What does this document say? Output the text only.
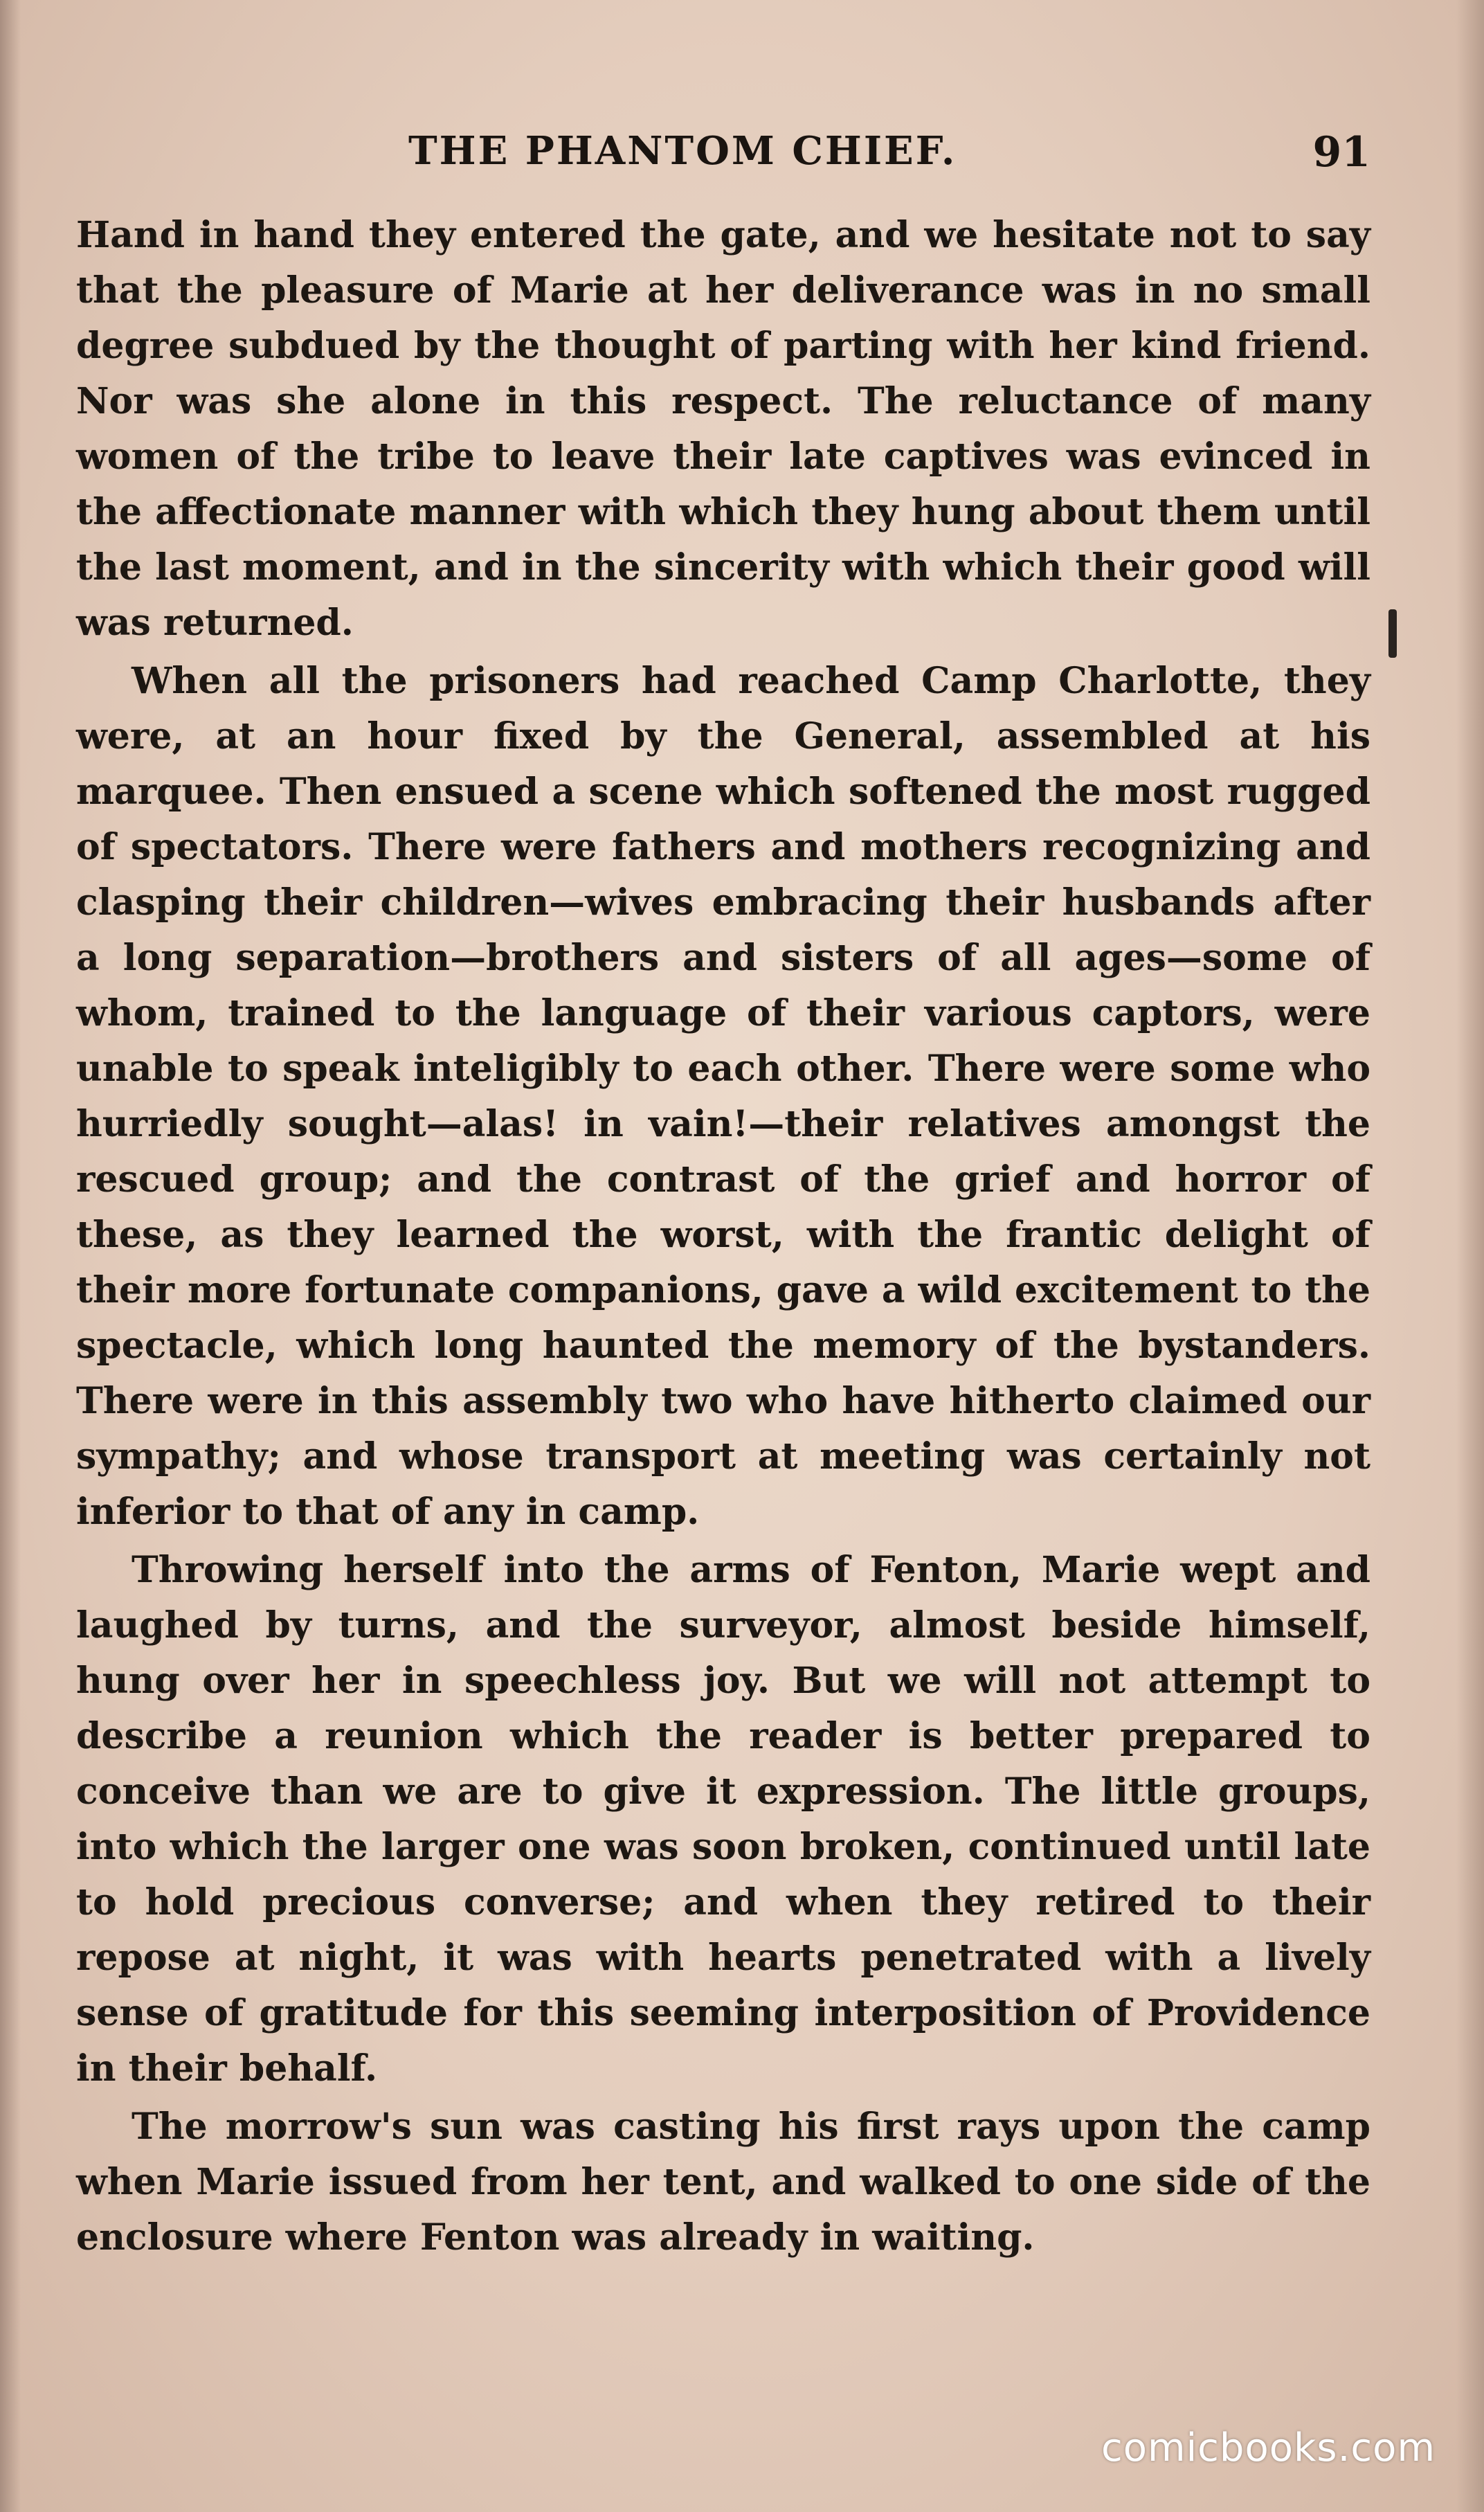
THE PHANTOM CHIEF.	91

Hand in hand they entered the gate, and we hesitate not to say that the pleasure of Marie at her deliverance was in no small degree subdued by the thought of parting with her kind friend. Nor was she alone in this respect. The reluctance of many women of the tribe to leave their late captives was evinced in the affectionate manner with which they hung about them until the last moment, and in the sincerity with which their good will was returned.

When all the prisoners had reached Camp Charlotte, they were, at an hour fixed by the General, assembled at his marquee. Then ensued a scene which softened the most rugged of spectators. There were fathers and mothers recognizing and clasping their children—wives embracing their husbands after a long separation—brothers and sisters of all ages—some of whom, trained to the language of their various captors, were unable to speak inteligibly to each other. There were some who hurriedly sought—alas! in vain!—their relatives amongst the rescued group; and the contrast of the grief and horror of these, as they learned the worst, with the frantic delight of their more fortunate companions, gave a wild excitement to the spectacle, which long haunted the memory of the bystanders. There were in this assembly two who have hitherto claimed our sympathy; and whose transport at meeting was certainly not inferior to that of any in camp.

Throwing herself into the arms of Fenton, Marie wept and laughed by turns, and the surveyor, almost beside himself, hung over her in speechless joy. But we will not attempt to describe a reunion which the reader is better prepared to conceive than we are to give it expression. The little groups, into which the larger one was soon broken, continued until late to hold precious converse; and when they retired to their repose at night, it was with hearts penetrated with a lively sense of gratitude for this seeming interposition of Providence in their behalf.

The morrow's sun was casting his first rays upon the camp when Marie issued from her tent, and walked to one side of the enclosure where Fenton was already in waiting.

comicbooks.com
